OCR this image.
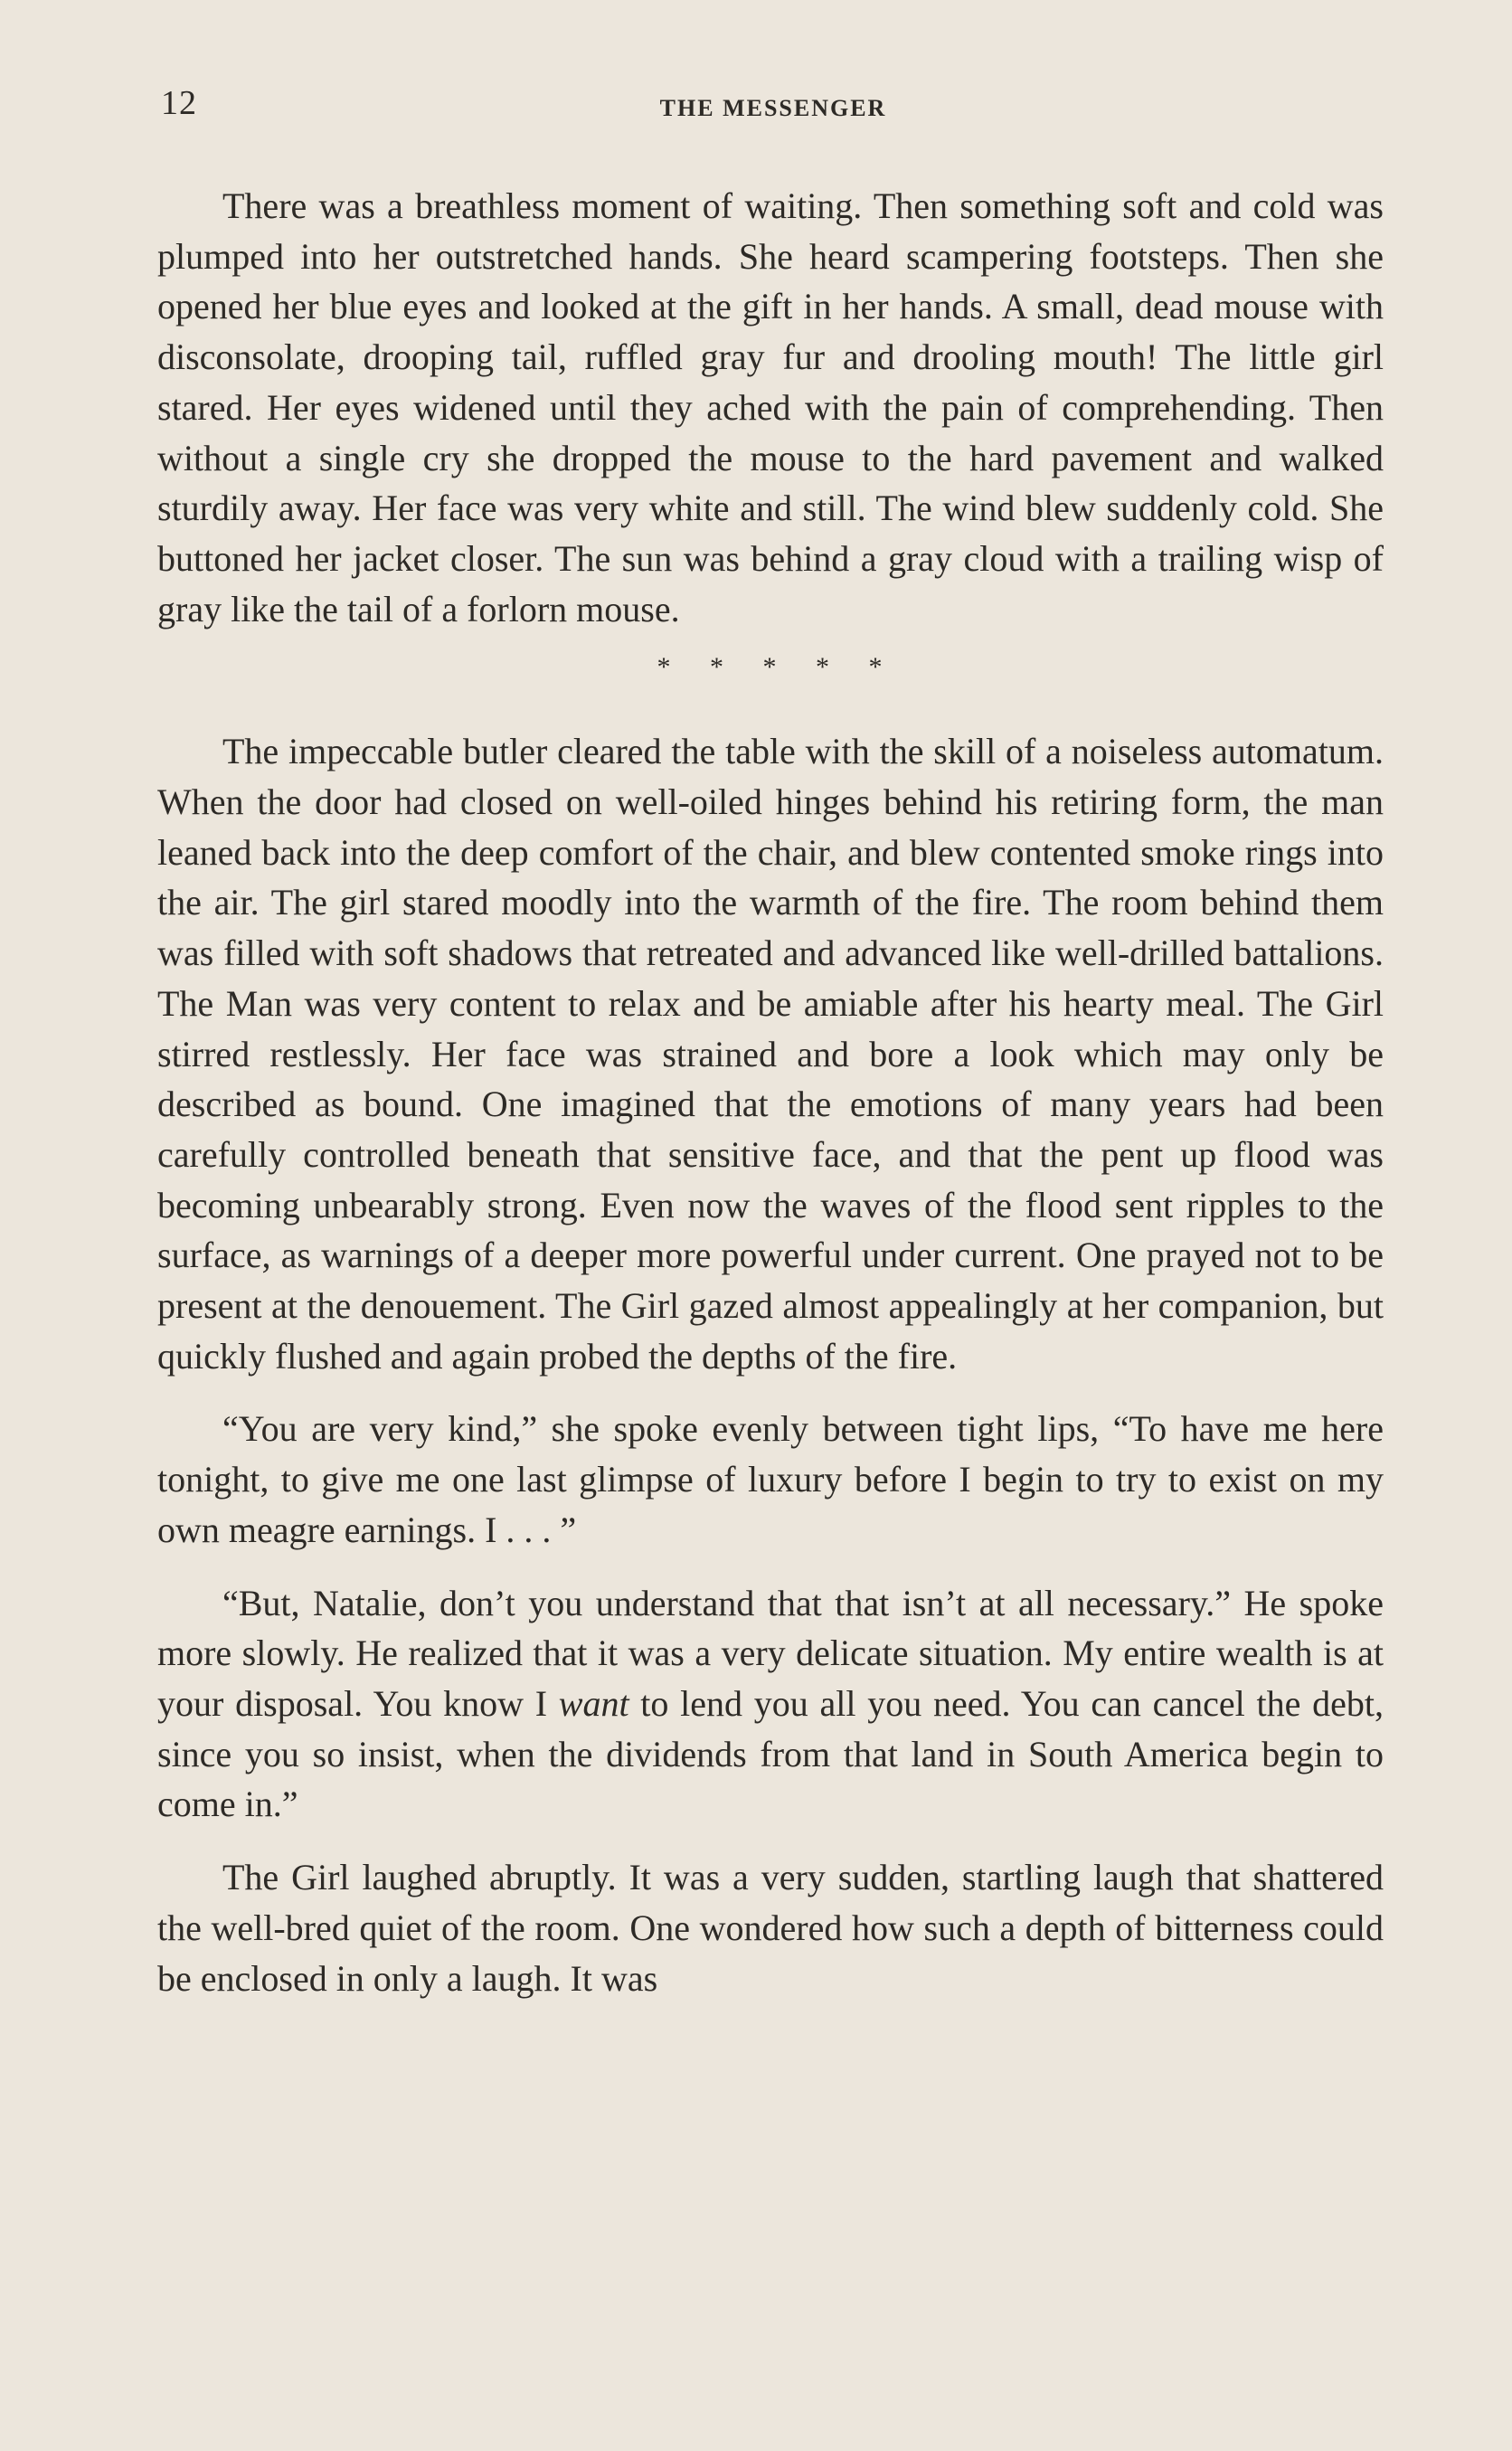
12	THE MESSENGER

There was a breathless moment of waiting. Then something soft and cold was plumped into her outstretched hands. She heard scampering footsteps. Then she opened her blue eyes and looked at the gift in her hands. A small, dead mouse with disconsolate, drooping tail, ruffled gray fur and drooling mouth! The little girl stared. Her eyes widened until they ached with the pain of comprehending. Then without a single cry she dropped the mouse to the hard pavement and walked sturdily away. Her face was very white and still. The wind blew suddenly cold. She buttoned her jacket closer. The sun was behind a gray cloud with a trailing wisp of gray like the tail of a forlorn mouse.

* * * * *

The impeccable butler cleared the table with the skill of a noiseless automatum. When the door had closed on well-oiled hinges behind his retiring form, the man leaned back into the deep comfort of the chair, and blew contented smoke rings into the air. The girl stared moodly into the warmth of the fire. The room behind them was filled with soft shadows that retreated and advanced like well-drilled battalions. The Man was very content to relax and be amiable after his hearty meal. The Girl stirred restlessly. Her face was strained and bore a look which may only be described as bound. One imagined that the emotions of many years had been carefully controlled beneath that sensitive face, and that the pent up flood was becoming unbearably strong. Even now the waves of the flood sent ripples to the surface, as warnings of a deeper more powerful under current. One prayed not to be present at the denouement. The Girl gazed almost appealingly at her companion, but quickly flushed and again probed the depths of the fire.

“You are very kind,” she spoke evenly between tight lips, “To have me here tonight, to give me one last glimpse of luxury before I begin to try to exist on my own meagre earnings. I . . . ”

“But, Natalie, don’t you understand that that isn’t at all necessary.” He spoke more slowly. He realized that it was a very delicate situation. My entire wealth is at your disposal. You know I want to lend you all you need. You can cancel the debt, since you so insist, when the dividends from that land in South America begin to come in.”

The Girl laughed abruptly. It was a very sudden, startling laugh that shattered the well-bred quiet of the room. One wondered how such a depth of bitterness could be enclosed in only a laugh. It was
